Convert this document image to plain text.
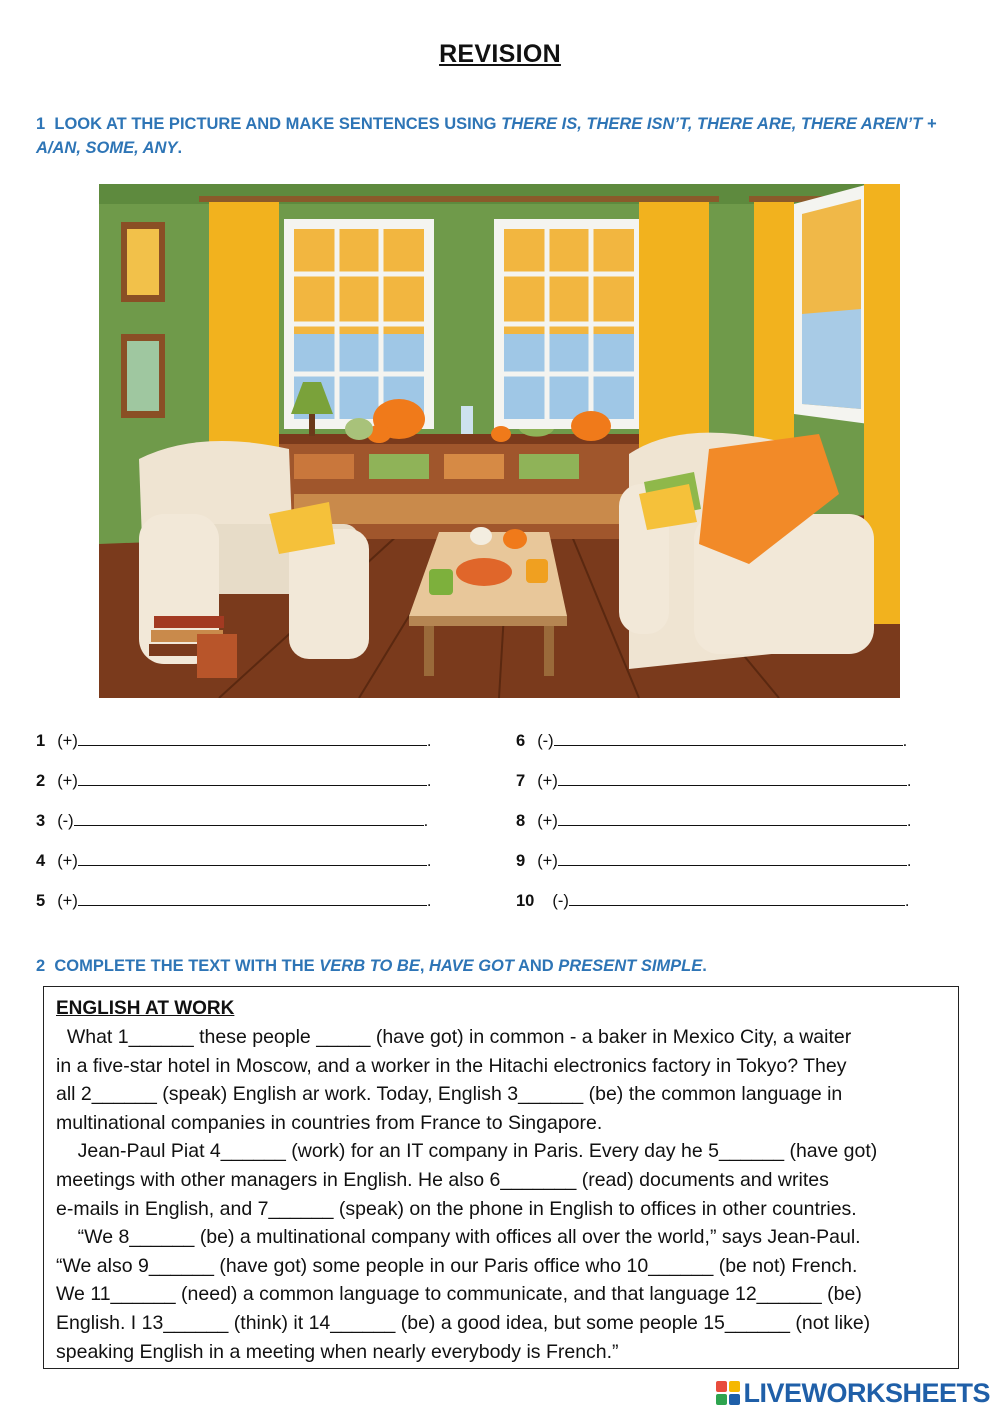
REVISION
1 LOOK AT THE PICTURE AND MAKE SENTENCES USING THERE IS, THERE ISN’T, THERE ARE, THERE AREN’T + A/AN, SOME, ANY.
1 (+)	.
2 (+)	.
3 (-)	.
4 (+)	.
5 (+)	.
6 (-)	.
7 (+)	.
8 (+)	.
9 (+)	.
10 (-)	.
2 COMPLETE THE TEXT WITH THE VERB TO BE, HAVE GOT AND PRESENT SIMPLE.
ENGLISH AT WORK

What 1______ these people _____ (have got) in common - a baker in Mexico City, a waiter

in a five-star hotel in Moscow, and a worker in the Hitachi electronics factory in Tokyo? They

all 2______ (speak) English ar work. Today, English 3______ (be) the common language in

multinational companies in countries from France to Singapore.

Jean-Paul Piat 4______ (work) for an IT company in Paris. Every day he 5______ (have got)

meetings with other managers in English. He also 6_______ (read) documents and writes

e-mails in English, and 7______ (speak) on the phone in English to offices in other countries.

“We 8______ (be) a multinational company with offices all over the world,” says Jean-Paul.

“We also 9______ (have got) some people in our Paris office who 10______ (be not) French.

We 11______ (need) a common language to communicate, and that language 12______ (be)

English. I 13______ (think) it 14______ (be) a good idea, but some people 15______ (not like)

speaking English in a meeting when nearly everybody is French.”

LIVEWORKSHEETS
